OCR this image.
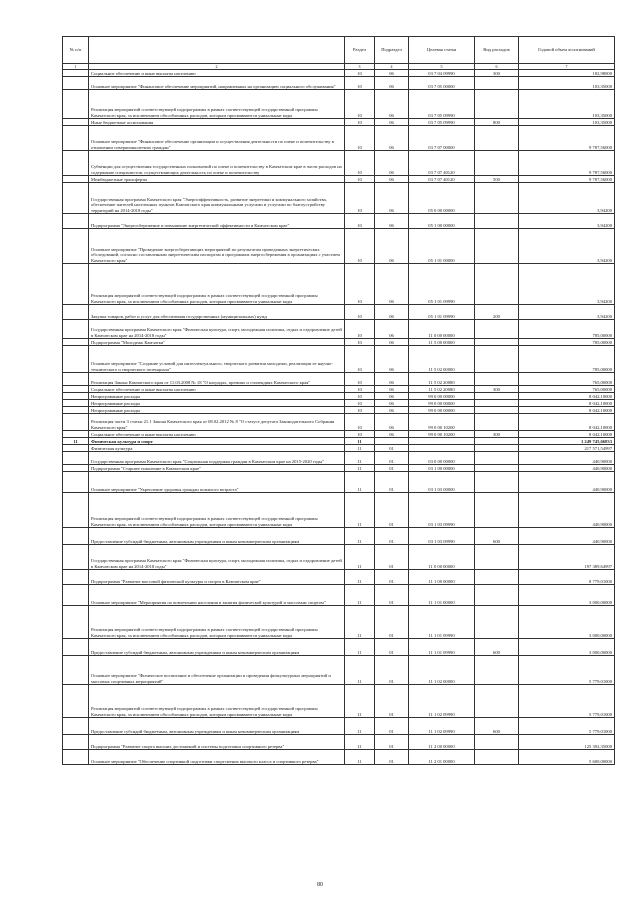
№ п/п		Раздел	Подраздел	Целевая статья	Вид расходов	Годовой объем ассигнований
1	2	3	4	5	6	7
	Социальное обеспечение и иные выплаты населению	10	06	03 7 04 09990	300	182,98000
	Основное мероприятие "Финансовое обеспечение мероприятий, направленных на организацию социального обслуживания"	10	06	03 7 05 00000		103,35000
	Реализация мероприятий соответствующей подпрограммы в рамках соответствующей государственной программы Камчатского края, за исключением обособленных расходов, которым присваиваются уникальные коды	10	06	03 7 05 09990		103,35000
	Иные бюджетные ассигнования	10	06	03 7 05 09990	800	103,35000
	Основное мероприятие "Финансовое обеспечение организации и осуществления деятельности по опеке и попечительству в отношении совершеннолетних граждан"	10	06	03 7 07 00000		9 787,56000
	Субвенции для осуществления государственных полномочий по опеке и попечительству в Камчатском крае в части расходов на содержание специалистов, осуществляющих деятельность по опеке и попечительству	10	06	03 7 07 40120		9 787,56000
	Межбюджетные трансферты	10	06	03 7 07 40120	500	9 787,56000
	Государственная программа Камчатского края "Энергоэффективность, развитие энергетики и коммунального хозяйства, обеспечение жителей населенных пунктов Камчатского края коммунальными услугами и услугами по благоустройству территорий на 2014-2018 годы"	10	06	05 0 00 00000		3,94200
	Подпрограмма "Энергосбережение и повышение энергетической эффективности в Камчатском крае"	10	06	05 1 00 00000		3,94200
	Основное мероприятие "Проведение энергосберегающих мероприятий по результатам проведенных энергетических обследований, согласно составленным энергетическим паспортам и программам энергосбережения в организациях с участием Камчатского края"	10	06	05 1 01 00000		3,94200
	Реализация мероприятий соответствующей подпрограммы в рамках соответствующей государственной программы Камчатского края, за исключением обособленных расходов, которым присваиваются уникальные коды	10	06	05 1 01 09990		3,94200
	Закупка товаров, работ и услуг для обеспечения государственных (муниципальных) нужд	10	06	05 1 01 09990	200	3,94200
	Государственная программа Камчатского края "Физическая культура, спорт, молодежная политика, отдых и оздоровление детей в Камчатском крае на 2014-2018 годы"	10	06	11 0 00 00000		785,00000
	Подпрограмма "Молодежь Камчатки"	10	06	11 5 00 00000		785,00000
	Основное мероприятие "Создание условий для интеллектуального, творческого развития молодежи, реализации ее научно-технического и творческого потенциала"	10	06	11 5 02 00000		785,00000
	Реализация Закона Камчатского края от 11.03.2008 № 18 "О наградах, премиях и стипендиях Камчатского края"	10	06	11 5 02 20080		765,00000
	Социальное обеспечение и иные выплаты населению	10	06	11 5 02 20080	300	765,00000
	Непрограммные расходы	10	06	99 0 00 00000		8 042,10000
	Непрограммные расходы	10	06	99 0 00 00000		8 042,10000
	Непрограммные расходы	10	06	99 0 00 00000		8 042,10000
	Реализация части 3 статьи 21.1 Закона Камчатского края от 08.02.2012 № 8 "О статусе депутата Законодательного Собрания Камчатского края"	10	06	99 0 00 10200		8 042,10000
	Социальное обеспечение и иные выплаты населению	10	06	99 0 00 10200	300	8 042,10000
11	Физическая культура и спорт	11				1 249 745,66833
	Физическая культура	11	01			217 571,54997
	Государственная программа Камчатского края "Социальная поддержка граждан в Камчатском крае на 2015-2020 годы"	11	01	03 0 00 00000		440,90000
	Подпрограмма "Старшее поколение в Камчатском крае"	11	01	03 1 00 00000		440,90000
	Основное мероприятие "Укрепление здоровья граждан пожилого возраста"	11	01	03 1 03 00000		440,90000
	Реализация мероприятий соответствующей подпрограммы в рамках соответствующей государственной программы Камчатского края, за исключением обособленных расходов, которым присваиваются уникальные коды	11	01	03 1 03 09990		440,90000
	Предоставление субсидий бюджетным, автономным учреждениям и иным некоммерческим организациям	11	01	03 1 03 09990	600	440,90000
	Государственная программа Камчатского края "Физическая культура, спорт, молодежная политика, отдых и оздоровление детей в Камчатском крае на 2014-2018 годы"	11	01	11 0 00 00000		197 389,64997
	Подпрограмма "Развитие массовой физической культуры и спорта в Камчатском крае"	11	01	11 1 00 00000		8 779,01000
	Основное мероприятие "Мероприятия по вовлечению населения в занятия физической культурой и массовым спортом"	11	01	11 1 01 00000		3 000,00000
	Реализация мероприятий соответствующей подпрограммы в рамках соответствующей государственной программы Камчатского края, за исключением обособленных расходов, которым присваиваются уникальные коды	11	01	11 1 01 09990		3 000,00000
	Предоставление субсидий бюджетным, автономным учреждениям и иным некоммерческим организациям	11	01	11 1 01 09990	600	3 000,00000
	Основное мероприятие "Физическое воспитание и обеспечение организации и проведения физкультурных мероприятий и массовых спортивных мероприятий"	11	01	11 1 02 00000		5 779,01000
	Реализация мероприятий соответствующей подпрограммы в рамках соответствующей государственной программы Камчатского края, за исключением обособленных расходов, которым присваиваются уникальные коды	11	01	11 1 02 09990		5 779,01000
	Предоставление субсидий бюджетным, автономным учреждениям и иным некоммерческим организациям	11	01	11 1 02 09990	600	5 779,01000
	Подпрограмма "Развитие спорта высших достижений и системы подготовки спортивного резерва"	11	01	11 2 00 00000		125 392,35000
	Основное мероприятие "Обеспечение спортивной подготовки спортсменов высокого класса и спортивного резерва"	11	01	11 2 01 00000		5 600,00000
80
